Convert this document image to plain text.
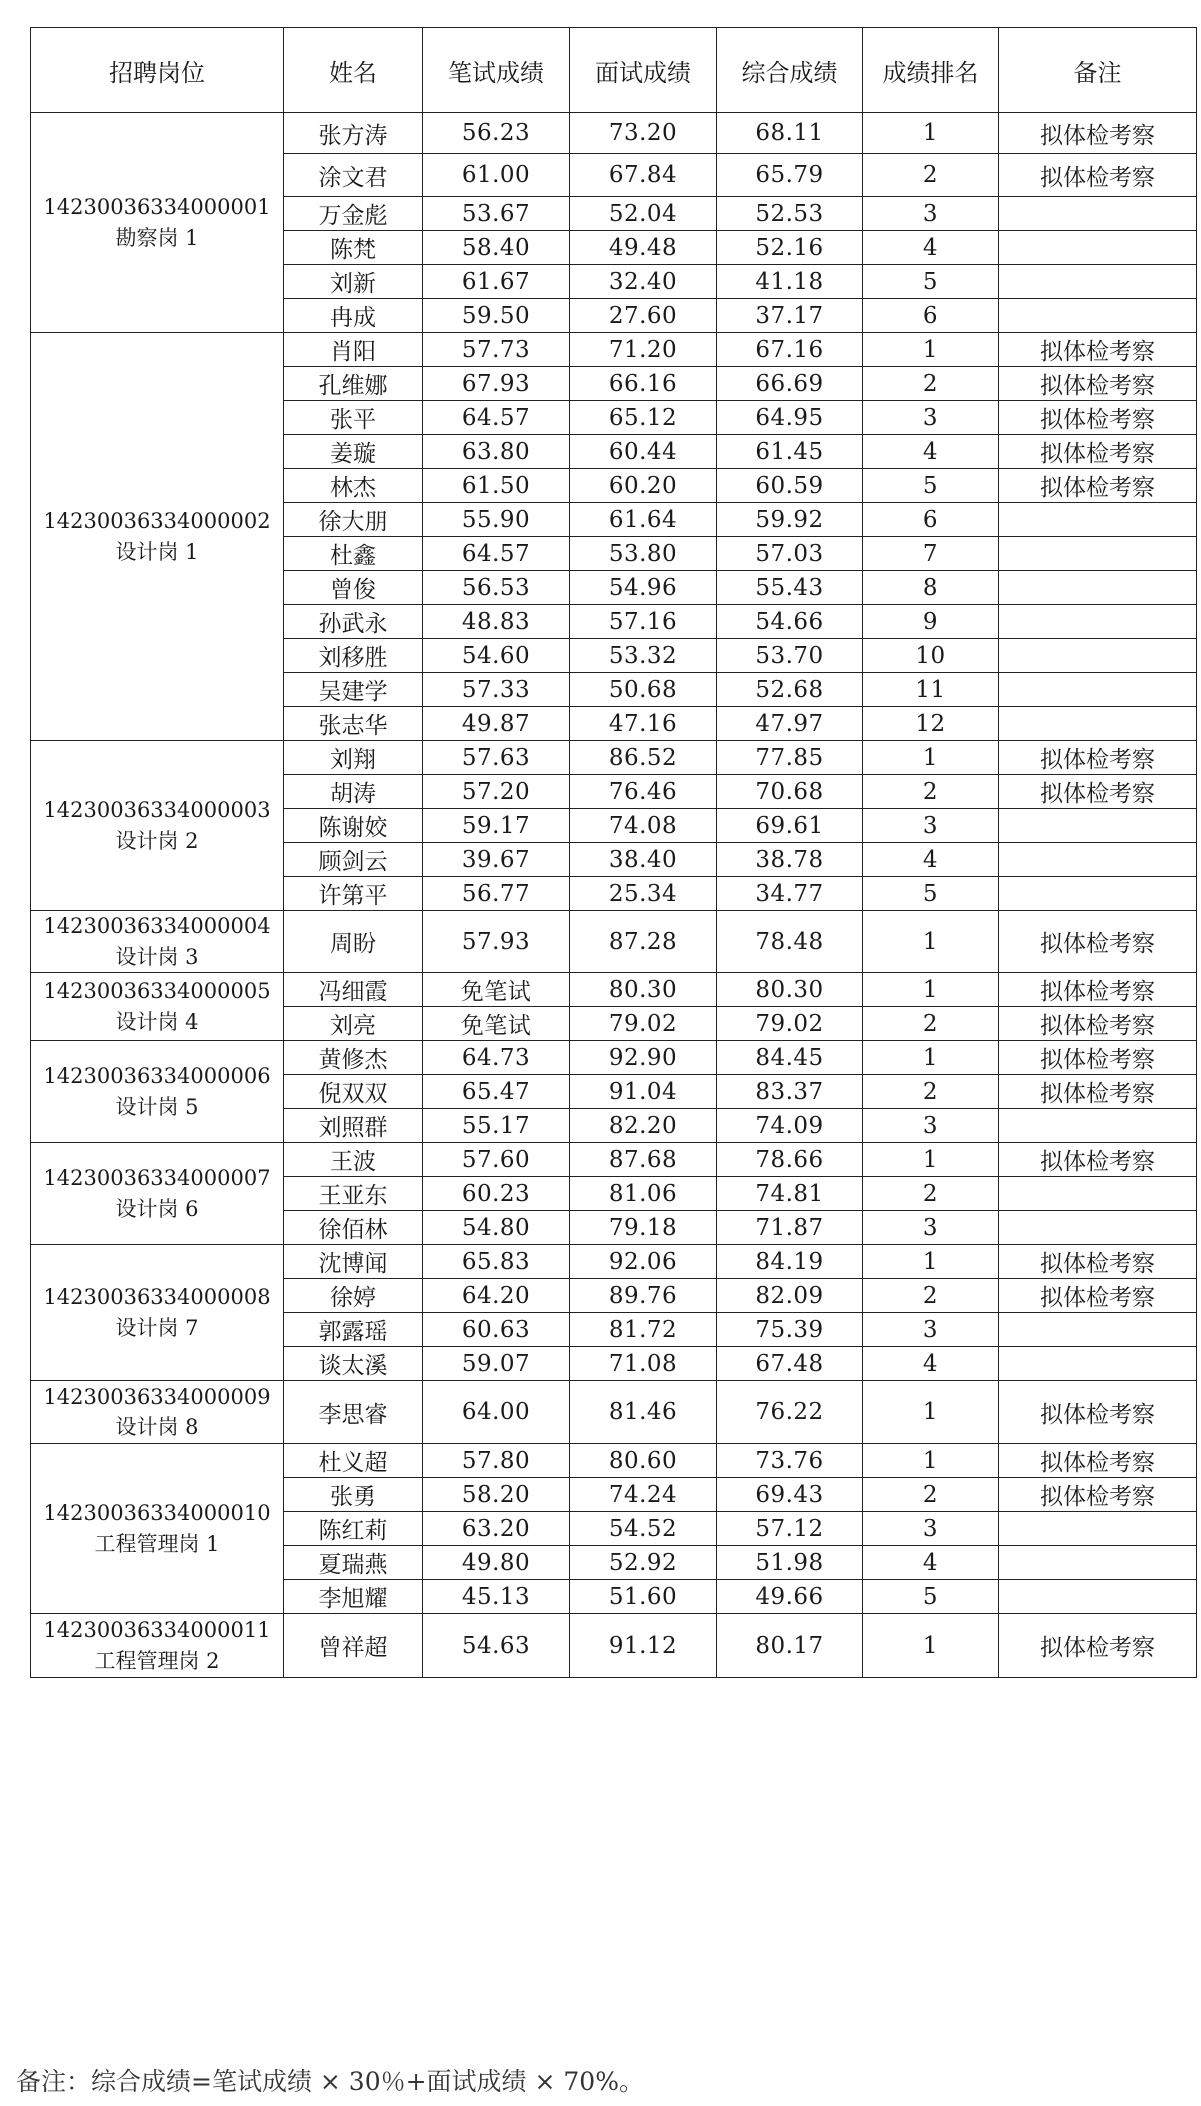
招聘岗位	姓名	笔试成绩	面试成绩	综合成绩	成绩排名	备注

14230036334000001
勘察岗 1	张方涛	56.23	73.20	68.11	1	拟体检考察
	涂文君	61.00	67.84	65.79	2	拟体检考察
	万金彪	53.67	52.04	52.53	3	
	陈梵	58.40	49.48	52.16	4	
	刘新	61.67	32.40	41.18	5	
	冉成	59.50	27.60	37.17	6	

14230036334000002
设计岗 1	肖阳	57.73	71.20	67.16	1	拟体检考察
	孔维娜	67.93	66.16	66.69	2	拟体检考察
	张平	64.57	65.12	64.95	3	拟体检考察
	姜璇	63.80	60.44	61.45	4	拟体检考察
	林杰	61.50	60.20	60.59	5	拟体检考察
	徐大朋	55.90	61.64	59.92	6	
	杜鑫	64.57	53.80	57.03	7	
	曾俊	56.53	54.96	55.43	8	
	孙武永	48.83	57.16	54.66	9	
	刘移胜	54.60	53.32	53.70	10	
	吴建学	57.33	50.68	52.68	11	
	张志华	49.87	47.16	47.97	12	

14230036334000003
设计岗 2	刘翔	57.63	86.52	77.85	1	拟体检考察
	胡涛	57.20	76.46	70.68	2	拟体检考察
	陈谢姣	59.17	74.08	69.61	3	
	顾剑云	39.67	38.40	38.78	4	
	许第平	56.77	25.34	34.77	5	

14230036334000004
设计岗 3	周盼	57.93	87.28	78.48	1	拟体检考察

14230036334000005
设计岗 4	冯细霞	免笔试	80.30	80.30	1	拟体检考察
	刘亮	免笔试	79.02	79.02	2	拟体检考察

14230036334000006
设计岗 5	黄修杰	64.73	92.90	84.45	1	拟体检考察
	倪双双	65.47	91.04	83.37	2	拟体检考察
	刘照群	55.17	82.20	74.09	3	

14230036334000007
设计岗 6	王波	57.60	87.68	78.66	1	拟体检考察
	王亚东	60.23	81.06	74.81	2	
	徐佰林	54.80	79.18	71.87	3	

14230036334000008
设计岗 7	沈博闻	65.83	92.06	84.19	1	拟体检考察
	徐婷	64.20	89.76	82.09	2	拟体检考察
	郭露瑶	60.63	81.72	75.39	3	
	谈太溪	59.07	71.08	67.48	4	

14230036334000009
设计岗 8	李思睿	64.00	81.46	76.22	1	拟体检考察

14230036334000010
工程管理岗 1	杜义超	57.80	80.60	73.76	1	拟体检考察
	张勇	58.20	74.24	69.43	2	拟体检考察
	陈红莉	63.20	54.52	57.12	3	
	夏瑞燕	49.80	52.92	51.98	4	
	李旭耀	45.13	51.60	49.66	5	

14230036334000011
工程管理岗 2	曾祥超	54.63	91.12	80.17	1	拟体检考察
备注：综合成绩=笔试成绩 × 30％+面试成绩 × 70%。
